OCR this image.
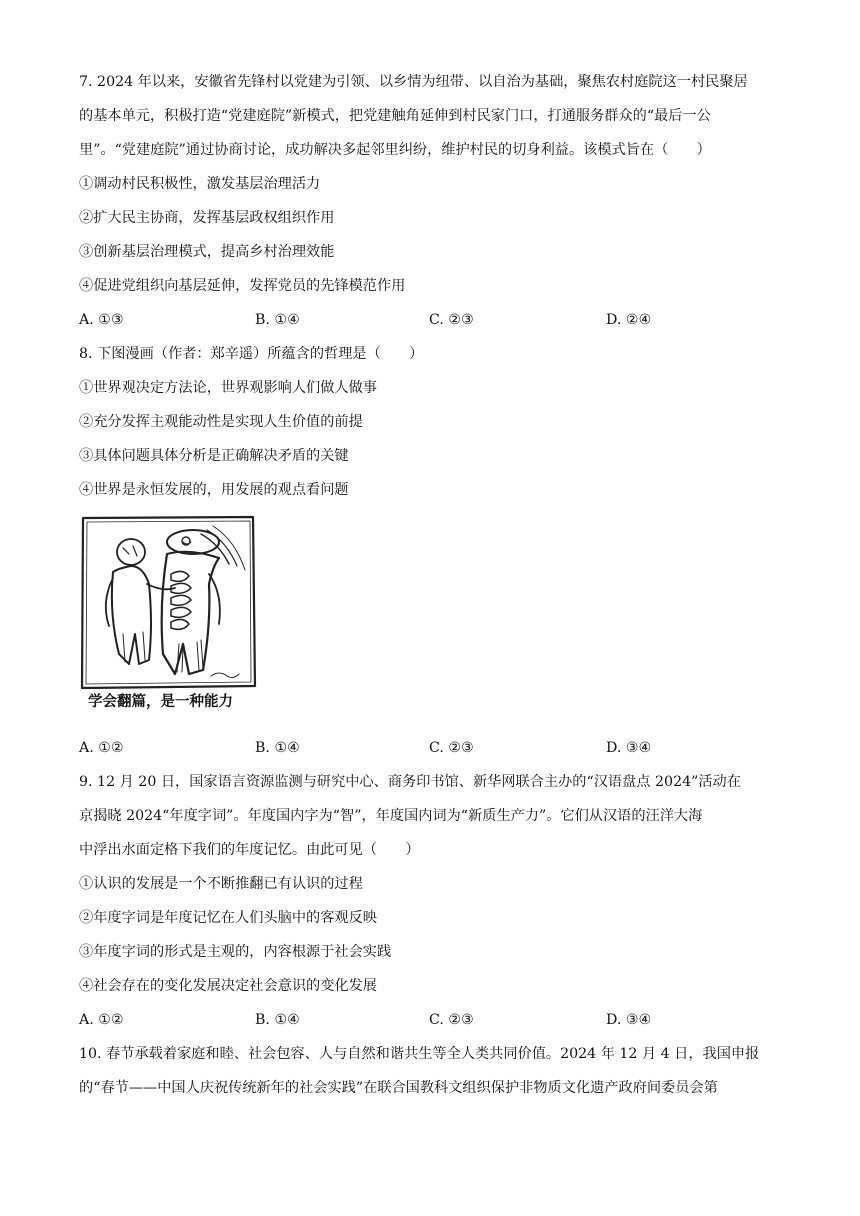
7. 2024 年以来，安徽省先锋村以党建为引领、以乡情为纽带、以自治为基础，聚焦农村庭院这一村民聚居
的基本单元，积极打造“党建庭院”新模式，把党建触角延伸到村民家门口，打通服务群众的“最后一公
里”。“党建庭院”通过协商讨论，成功解决多起邻里纠纷，维护村民的切身利益。该模式旨在（　　）
①调动村民积极性，激发基层治理活力
②扩大民主协商，发挥基层政权组织作用
③创新基层治理模式，提高乡村治理效能
④促进党组织向基层延伸，发挥党员的先锋模范作用
A. ①③	B. ①④	C. ②③	D. ②④
8. 下图漫画（作者：郑辛遥）所蕴含的哲理是（　　）
①世界观决定方法论，世界观影响人们做人做事
②充分发挥主观能动性是实现人生价值的前提
③具体问题具体分析是正确解决矛盾的关键
④世界是永恒发展的，用发展的观点看问题
学会翻篇，是一种能力
A. ①②	B. ①④	C. ②③	D. ③④
9. 12 月 20 日，国家语言资源监测与研究中心、商务印书馆、新华网联合主办的“汉语盘点 2024”活动在
京揭晓 2024“年度字词”。年度国内字为“智”，年度国内词为“新质生产力”。它们从汉语的汪洋大海
中浮出水面定格下我们的年度记忆。由此可见（　　）
①认识的发展是一个不断推翻已有认识的过程
②年度字词是年度记忆在人们头脑中的客观反映
③年度字词的形式是主观的，内容根源于社会实践
④社会存在的变化发展决定社会意识的变化发展
A. ①②	B. ①④	C. ②③	D. ③④
10. 春节承载着家庭和睦、社会包容、人与自然和谐共生等全人类共同价值。2024 年 12 月 4 日，我国申报
的“春节——中国人庆祝传统新年的社会实践”在联合国教科文组织保护非物质文化遗产政府间委员会第
